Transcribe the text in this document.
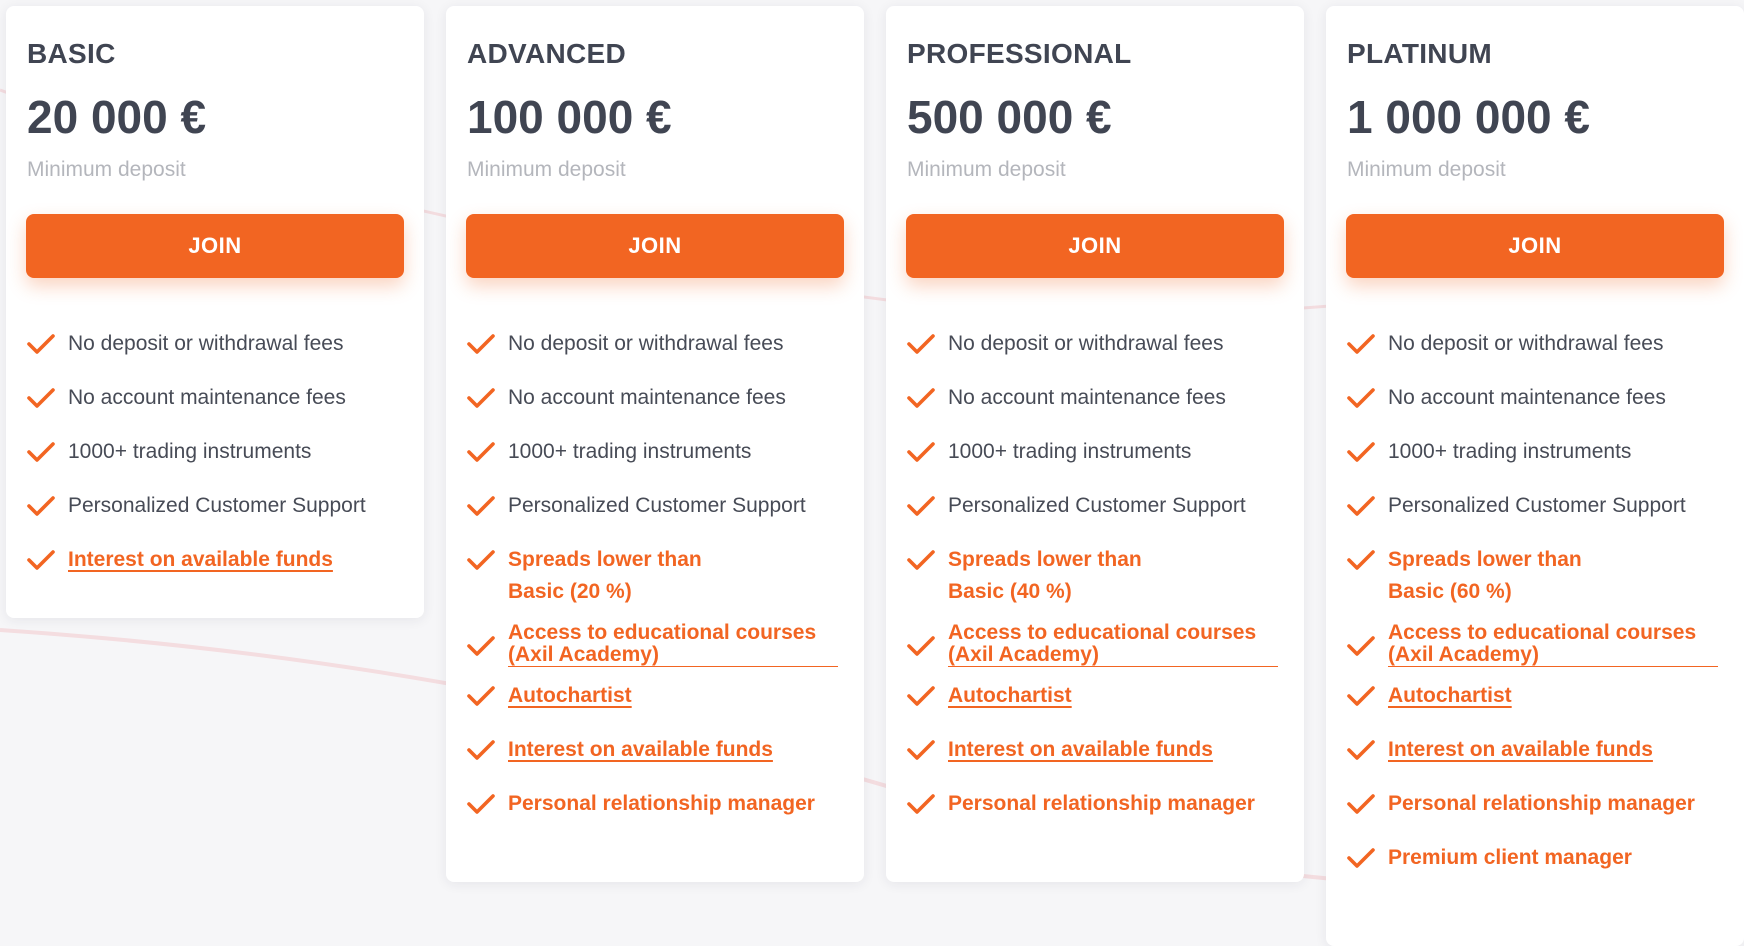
BASIC
20 000 €
Minimum deposit
JOIN
No deposit or withdrawal fees
No account maintenance fees
1000+ trading instruments
Personalized Customer Support
Interest on available funds
ADVANCED
100 000 €
Minimum deposit
JOIN
No deposit or withdrawal fees
No account maintenance fees
1000+ trading instruments
Personalized Customer Support
Spreads lower than
Basic (20 %)
Access to educational courses
(Axil Academy)
Autochartist
Interest on available funds
Personal relationship manager
PROFESSIONAL
500 000 €
Minimum deposit
JOIN
No deposit or withdrawal fees
No account maintenance fees
1000+ trading instruments
Personalized Customer Support
Spreads lower than
Basic (40 %)
Access to educational courses
(Axil Academy)
Autochartist
Interest on available funds
Personal relationship manager
PLATINUM
1 000 000 €
Minimum deposit
JOIN
No deposit or withdrawal fees
No account maintenance fees
1000+ trading instruments
Personalized Customer Support
Spreads lower than
Basic (60 %)
Access to educational courses
(Axil Academy)
Autochartist
Interest on available funds
Personal relationship manager
Premium client manager
